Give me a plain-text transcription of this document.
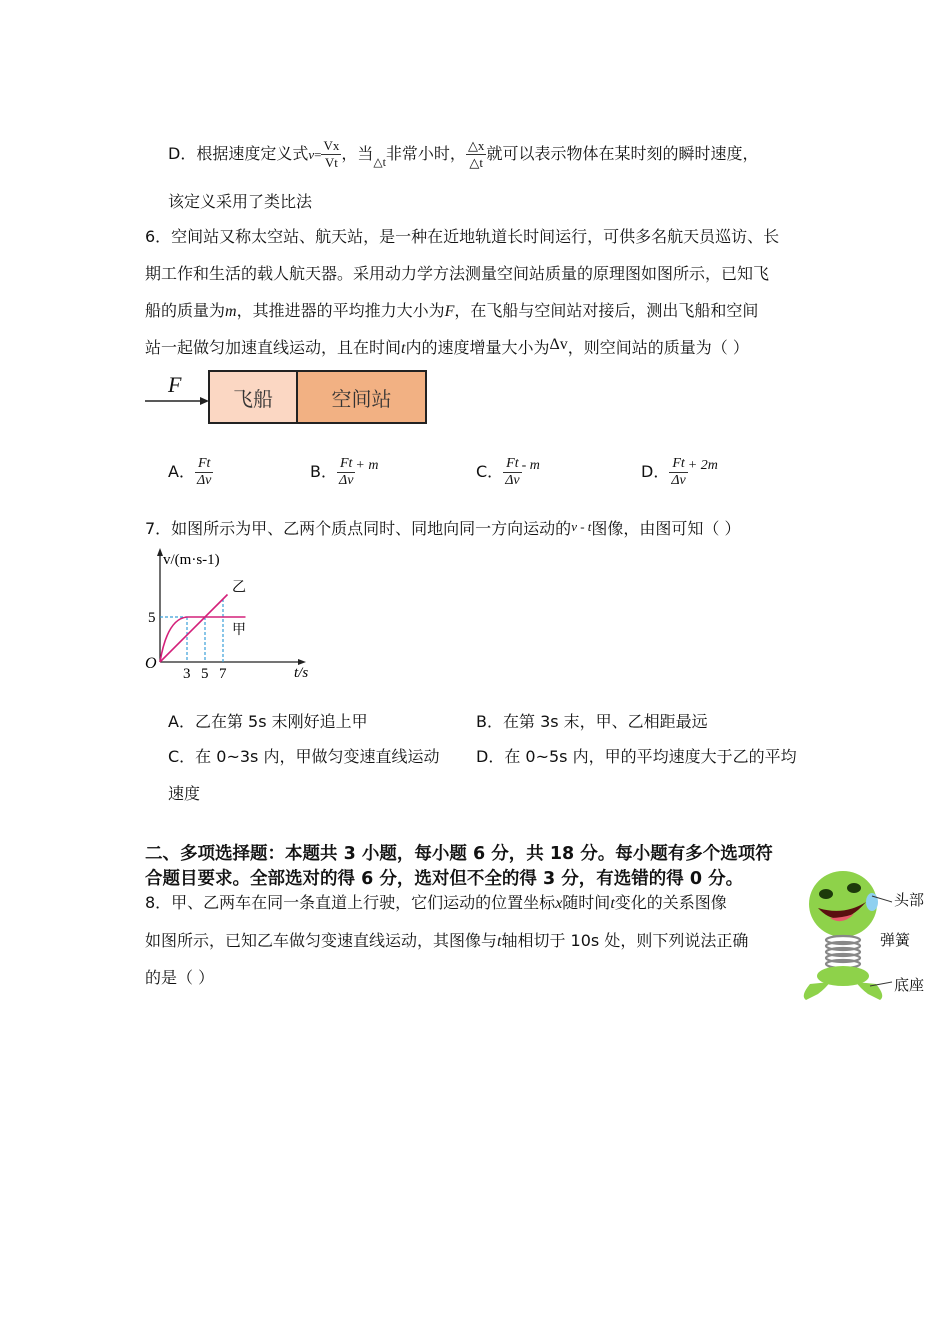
D．根据速度定义式$v= \frac{Vx}{Vt}$ ，当$_{\triangle t}$非常小时， $\frac{\triangle x}{\triangle t}$ 就可以表示物体在某时刻的瞬时速度，
该定义采用了类比法
6．空间站又称太空站、航天站，是一种在近地轨道长时间运行，可供多名航天员巡访、长
期工作和生活的载人航天器。采用动力学方法测量空间站质量的原理图如图所示，已知飞
船的质量为m，其推进器的平均推力大小为F，在飞船与空间站对接后，测出飞船和空间
站一起做匀加速直线运动，且在时间t内的速度增量大小为Δv，则空间站的质量为（ ）
F
飞船	空间站
A． $\frac{Ft}{\Delta v}$	B． $\frac{Ft}{\Delta v} + m$	C． $\frac{Ft}{\Delta v}$ - m	D． $\frac{Ft}{\Delta v} + 2m$
7．如图所示为甲、乙两个质点同时、同地向同一方向运动的v - t图像，由图可知（ ）
v/(m·s-1)
t/s
O
3 5 7
5
乙
甲
A．乙在第 5s 末刚好追上甲	B．在第 3s 末，甲、乙相距最远
C．在 0~3s 内，甲做匀变速直线运动 D．在 0~5s 内，甲的平均速度大于乙的平均
速度
二、多项选择题：本题共 3 小题，每小题 6 分，共 18 分。每小题有多个选项符
合题目要求。全部选对的得 6 分，选对但不全的得 3 分，有选错的得 0 分。
8．甲、乙两车在同一条直道上行驶，它们运动的位置坐标x随时间t变化的关系图像
如图所示，已知乙车做匀变速直线运动，其图像与t轴相切于 10s 处，则下列说法正确
的是（ ）
头部
弹簧
底座
